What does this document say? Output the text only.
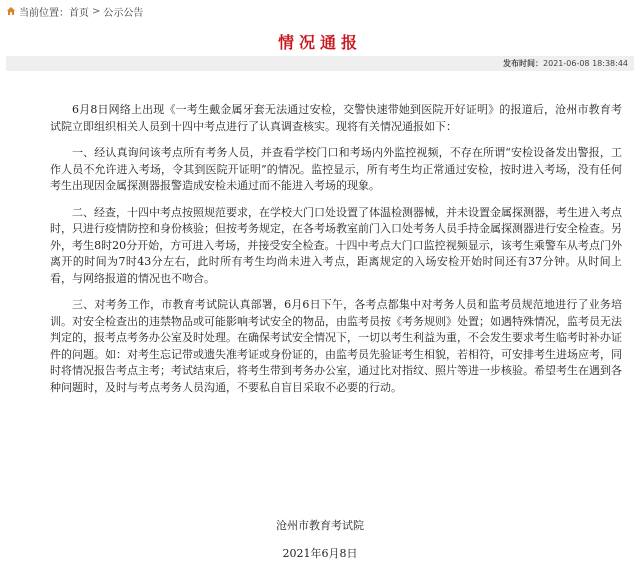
当前位置： 首页 > 公示公告
情况通报
发布时间： 2021-06-08 18:38:44

6月8日网络上出现《一考生戴金属牙套无法通过安检，交警快速带她到医院开好证明》的报道后，沧州市教育考试院立即组织相关人员到十四中考点进行了认真调查核实。现将有关情况通报如下：

一、经认真询问该考点所有考务人员，并查看学校门口和考场内外监控视频，不存在所谓“安检设备发出警报，工作人员不允许进入考场，令其到医院开证明”的情况。监控显示，所有考生均正常通过安检，按时进入考场，没有任何考生出现因金属探测器报警造成安检未通过而不能进入考场的现象。

二、经查，十四中考点按照规范要求，在学校大门口处设置了体温检测器械，并未设置金属探测器，考生进入考点时，只进行疫情防控和身份核验；但按考务规定，在各考场教室前门入口处考务人员手持金属探测器进行安全检查。另外，考生8时20分开始，方可进入考场，并接受安全检查。十四中考点大门口监控视频显示，该考生乘警车从考点门外离开的时间为7时43分左右，此时所有考生均尚未进入考点，距离规定的入场安检开始时间还有37分钟。从时间上看，与网络报道的情况也不吻合。

三、对考务工作，市教育考试院认真部署，6月6日下午，各考点都集中对考务人员和监考员规范地进行了业务培训。对安全检查出的违禁物品或可能影响考试安全的物品，由监考员按《考务规则》处置；如遇特殊情况，监考员无法判定的，报考点考务办公室及时处理。在确保考试安全情况下，一切以考生利益为重，不会发生要求考生临考时补办证件的问题。如：对考生忘记带或遗失准考证或身份证的，由监考员先验证考生相貌，若相符，可安排考生进场应考，同时将情况报告考点主考；考试结束后，将考生带到考务办公室，通过比对指纹、照片等进一步核验。希望考生在遇到各种问题时，及时与考点考务人员沟通，不要私自盲目采取不必要的行动。

沧州市教育考试院
2021年6月8日
